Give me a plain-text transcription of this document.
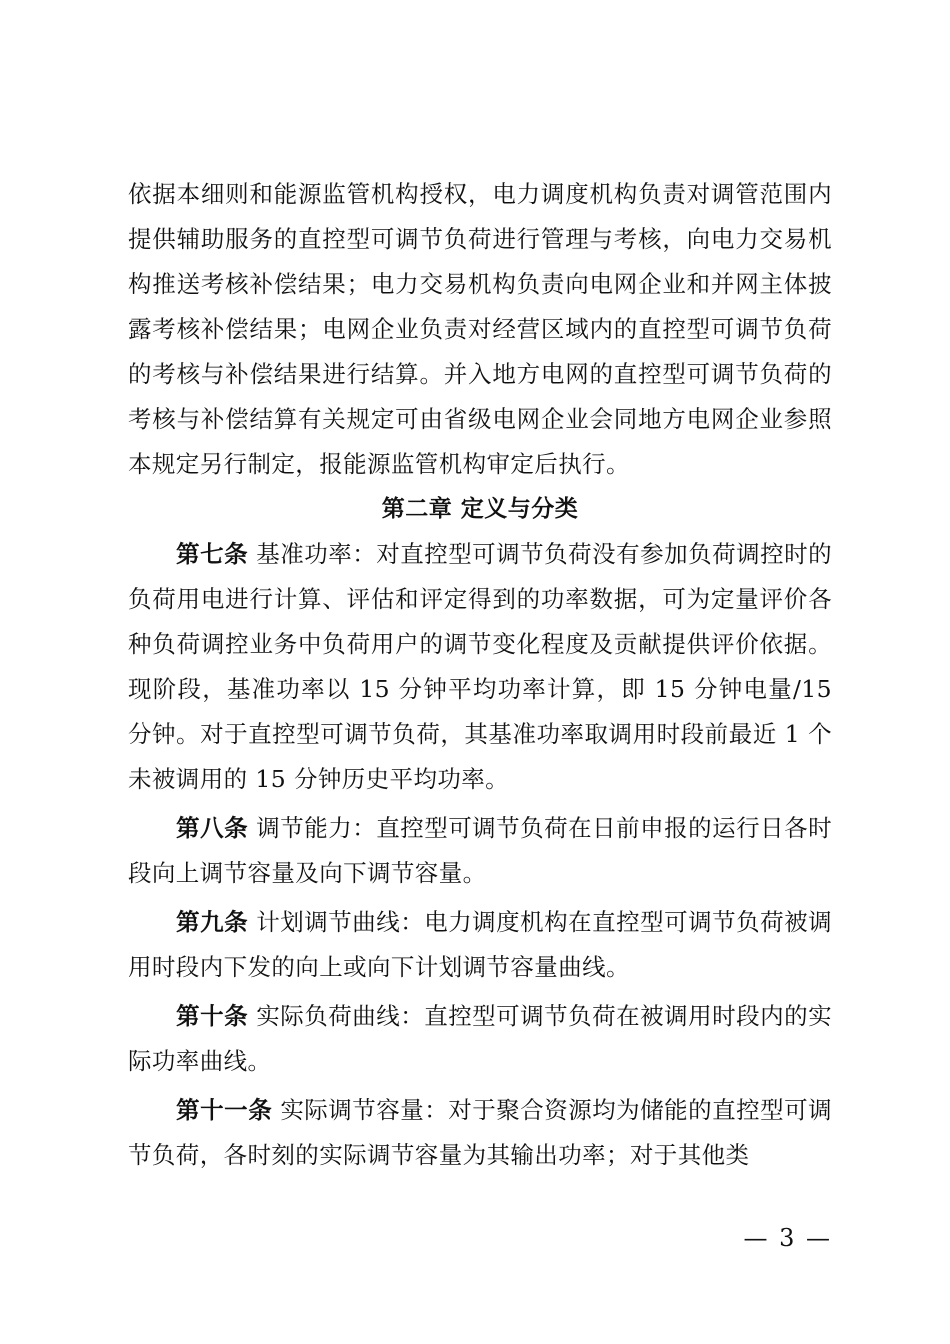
依据本细则和能源监管机构授权，电力调度机构负责对调管范围内提供辅助服务的直控型可调节负荷进行管理与考核，向电力交易机构推送考核补偿结果；电力交易机构负责向电网企业和并网主体披露考核补偿结果；电网企业负责对经营区域内的直控型可调节负荷的考核与补偿结果进行结算。并入地方电网的直控型可调节负荷的考核与补偿结算有关规定可由省级电网企业会同地方电网企业参照本规定另行制定，报能源监管机构审定后执行。

第二章 定义与分类

第七条 基准功率：对直控型可调节负荷没有参加负荷调控时的负荷用电进行计算、评估和评定得到的功率数据，可为定量评价各种负荷调控业务中负荷用户的调节变化程度及贡献提供评价依据。现阶段，基准功率以 15 分钟平均功率计算，即 15 分钟电量/15 分钟。对于直控型可调节负荷，其基准功率取调用时段前最近 1 个未被调用的 15 分钟历史平均功率。

第八条 调节能力：直控型可调节负荷在日前申报的运行日各时段向上调节容量及向下调节容量。

第九条 计划调节曲线：电力调度机构在直控型可调节负荷被调用时段内下发的向上或向下计划调节容量曲线。

第十条 实际负荷曲线：直控型可调节负荷在被调用时段内的实际功率曲线。

第十一条 实际调节容量：对于聚合资源均为储能的直控型可调节负荷，各时刻的实际调节容量为其输出功率；对于其他类

— 3 —
